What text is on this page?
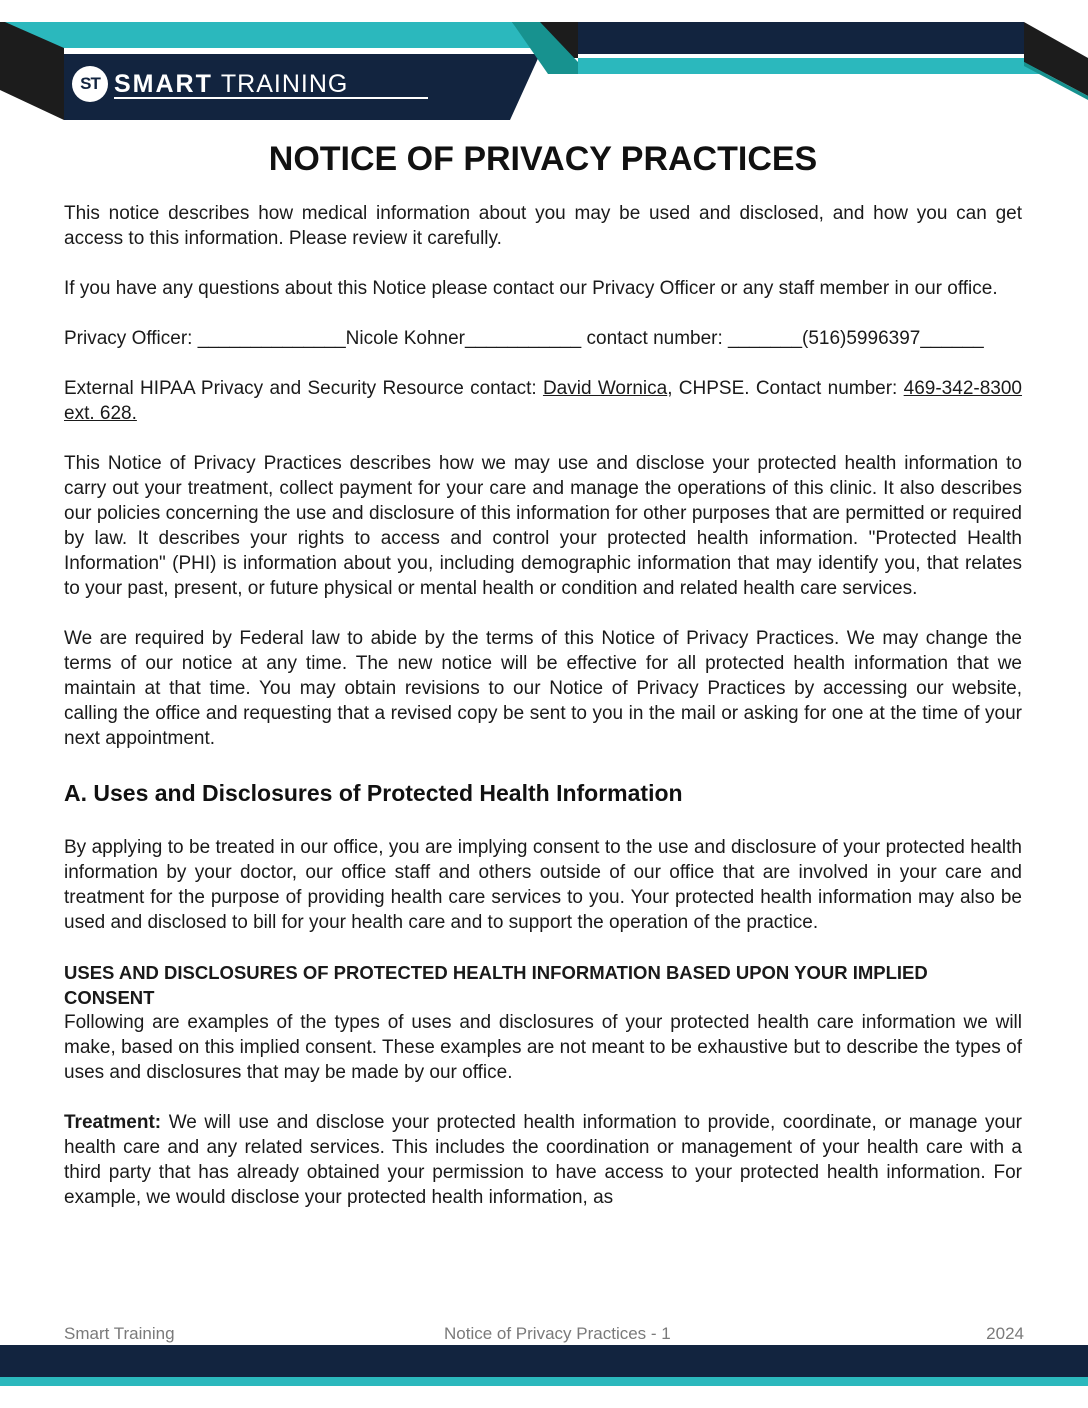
ST SMART TRAINING
NOTICE OF PRIVACY PRACTICES

This notice describes how medical information about you may be used and disclosed, and how you can get access to this information. Please review it carefully.

If you have any questions about this Notice please contact our Privacy Officer or any staff member in our office.

Privacy Officer: ______________Nicole Kohner___________ contact number: _______(516)5996397______

External HIPAA Privacy and Security Resource contact: David Wornica, CHPSE. Contact number: 469-342-8300 ext. 628.

This Notice of Privacy Practices describes how we may use and disclose your protected health information to carry out your treatment, collect payment for your care and manage the operations of this clinic. It also describes our policies concerning the use and disclosure of this information for other purposes that are permitted or required by law. It describes your rights to access and control your protected health information. "Protected Health Information" (PHI) is information about you, including demographic information that may identify you, that relates to your past, present, or future physical or mental health or condition and related health care services.

We are required by Federal law to abide by the terms of this Notice of Privacy Practices. We may change the terms of our notice at any time. The new notice will be effective for all protected health information that we maintain at that time. You may obtain revisions to our Notice of Privacy Practices by accessing our website, calling the office and requesting that a revised copy be sent to you in the mail or asking for one at the time of your next appointment.

A. Uses and Disclosures of Protected Health Information

By applying to be treated in our office, you are implying consent to the use and disclosure of your protected health information by your doctor, our office staff and others outside of our office that are involved in your care and treatment for the purpose of providing health care services to you. Your protected health information may also be used and disclosed to bill for your health care and to support the operation of the practice.

USES AND DISCLOSURES OF PROTECTED HEALTH INFORMATION BASED UPON YOUR IMPLIED CONSENT

Following are examples of the types of uses and disclosures of your protected health care information we will make, based on this implied consent. These examples are not meant to be exhaustive but to describe the types of uses and disclosures that may be made by our office.

Treatment: We will use and disclose your protected health information to provide, coordinate, or manage your health care and any related services. This includes the coordination or management of your health care with a third party that has already obtained your permission to have access to your protected health information. For example, we would disclose your protected health information, as

Smart Training	Notice of Privacy Practices - 1	2024
